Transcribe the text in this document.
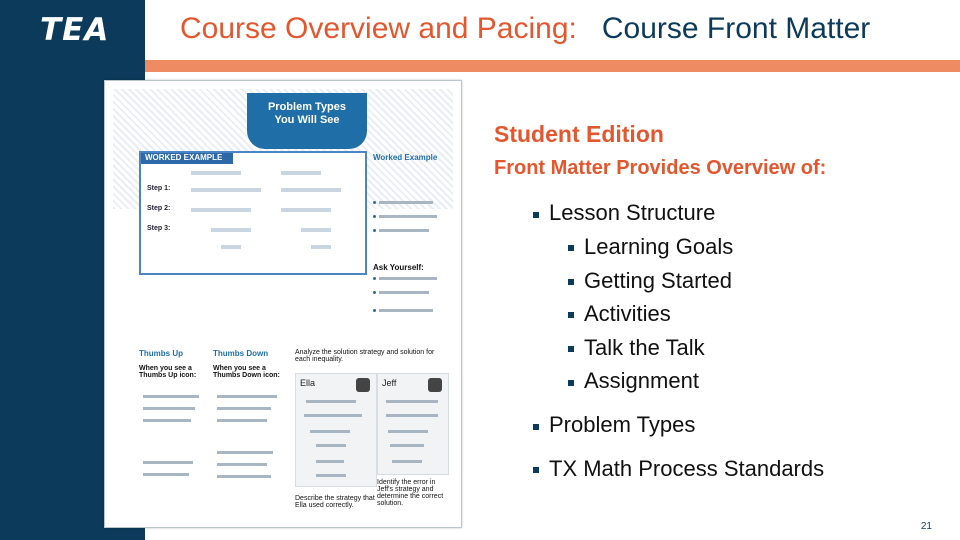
TEA Course Overview and Pacing: Course Front Matter
Problem Types
You Will See
WORKED EXAMPLE
Step 1:
Step 2:
Step 3:
Worked Example
Ask Yourself:
Thumbs Up	Thumbs Down
When you see a Thumbs Up icon:
When you see a Thumbs Down icon:
Analyze the solution strategy and solution for each inequality.
Ella	Jeff
Describe the strategy that Ella used correctly.
Identify the error in Jeff's strategy and determine the correct solution.
Student Edition
Front Matter Provides Overview of:
Lesson Structure
Learning Goals
Getting Started
Activities
Talk the Talk
Assignment
Problem Types
TX Math Process Standards
21
